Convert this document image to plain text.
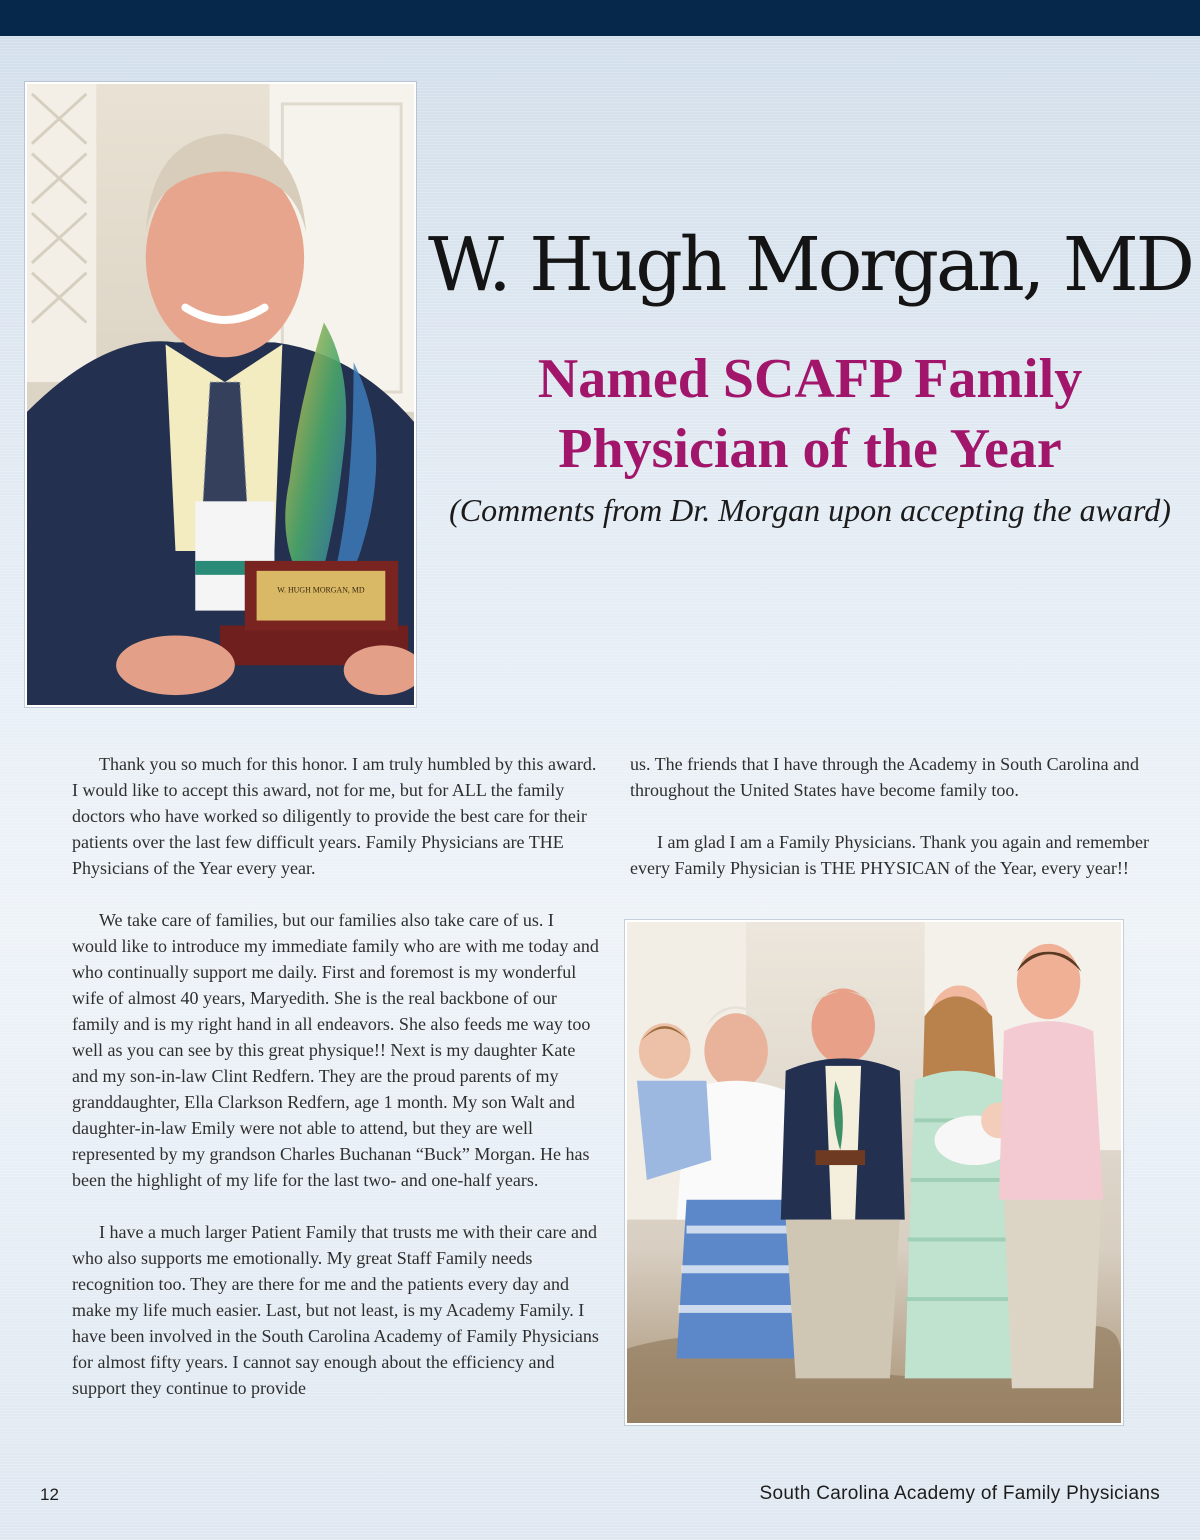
W. HUGH MORGAN, MD
W. Hugh Morgan, MD
Named SCAFP Family
Physician of the Year
(Comments from Dr. Morgan upon accepting the award)

Thank you so much for this honor. I am truly humbled by this award. I would like to accept this award, not for me, but for ALL the family doctors who have worked so diligently to provide the best care for their patients over the last few difficult years. Family Physicians are THE Physicians of the Year every year.

We take care of families, but our families also take care of us. I would like to introduce my immediate family who are with me today and who continually support me daily. First and foremost is my wonderful wife of almost 40 years, Maryedith. She is the real backbone of our family and is my right hand in all endeavors. She also feeds me way too well as you can see by this great physique!! Next is my daughter Kate and my son-in-law Clint Redfern. They are the proud parents of my granddaughter, Ella Clarkson Redfern, age 1 month. My son Walt and daughter-in-law Emily were not able to attend, but they are well represented by my grandson Charles Buchanan “Buck” Morgan. He has been the highlight of my life for the last two- and one-half years.

I have a much larger Patient Family that trusts me with their care and who also supports me emotionally. My great Staff Family needs recognition too. They are there for me and the patients every day and make my life much easier. Last, but not least, is my Academy Family. I have been involved in the South Carolina Academy of Family Physicians for almost fifty years. I cannot say enough about the efficiency and support they continue to provide

us. The friends that I have through the Academy in South Carolina and throughout the United States have become family too.

I am glad I am a Family Physicians. Thank you again and remember every Family Physician is THE PHYSICAN of the Year, every year!!

12	South Carolina Academy of Family Physicians
